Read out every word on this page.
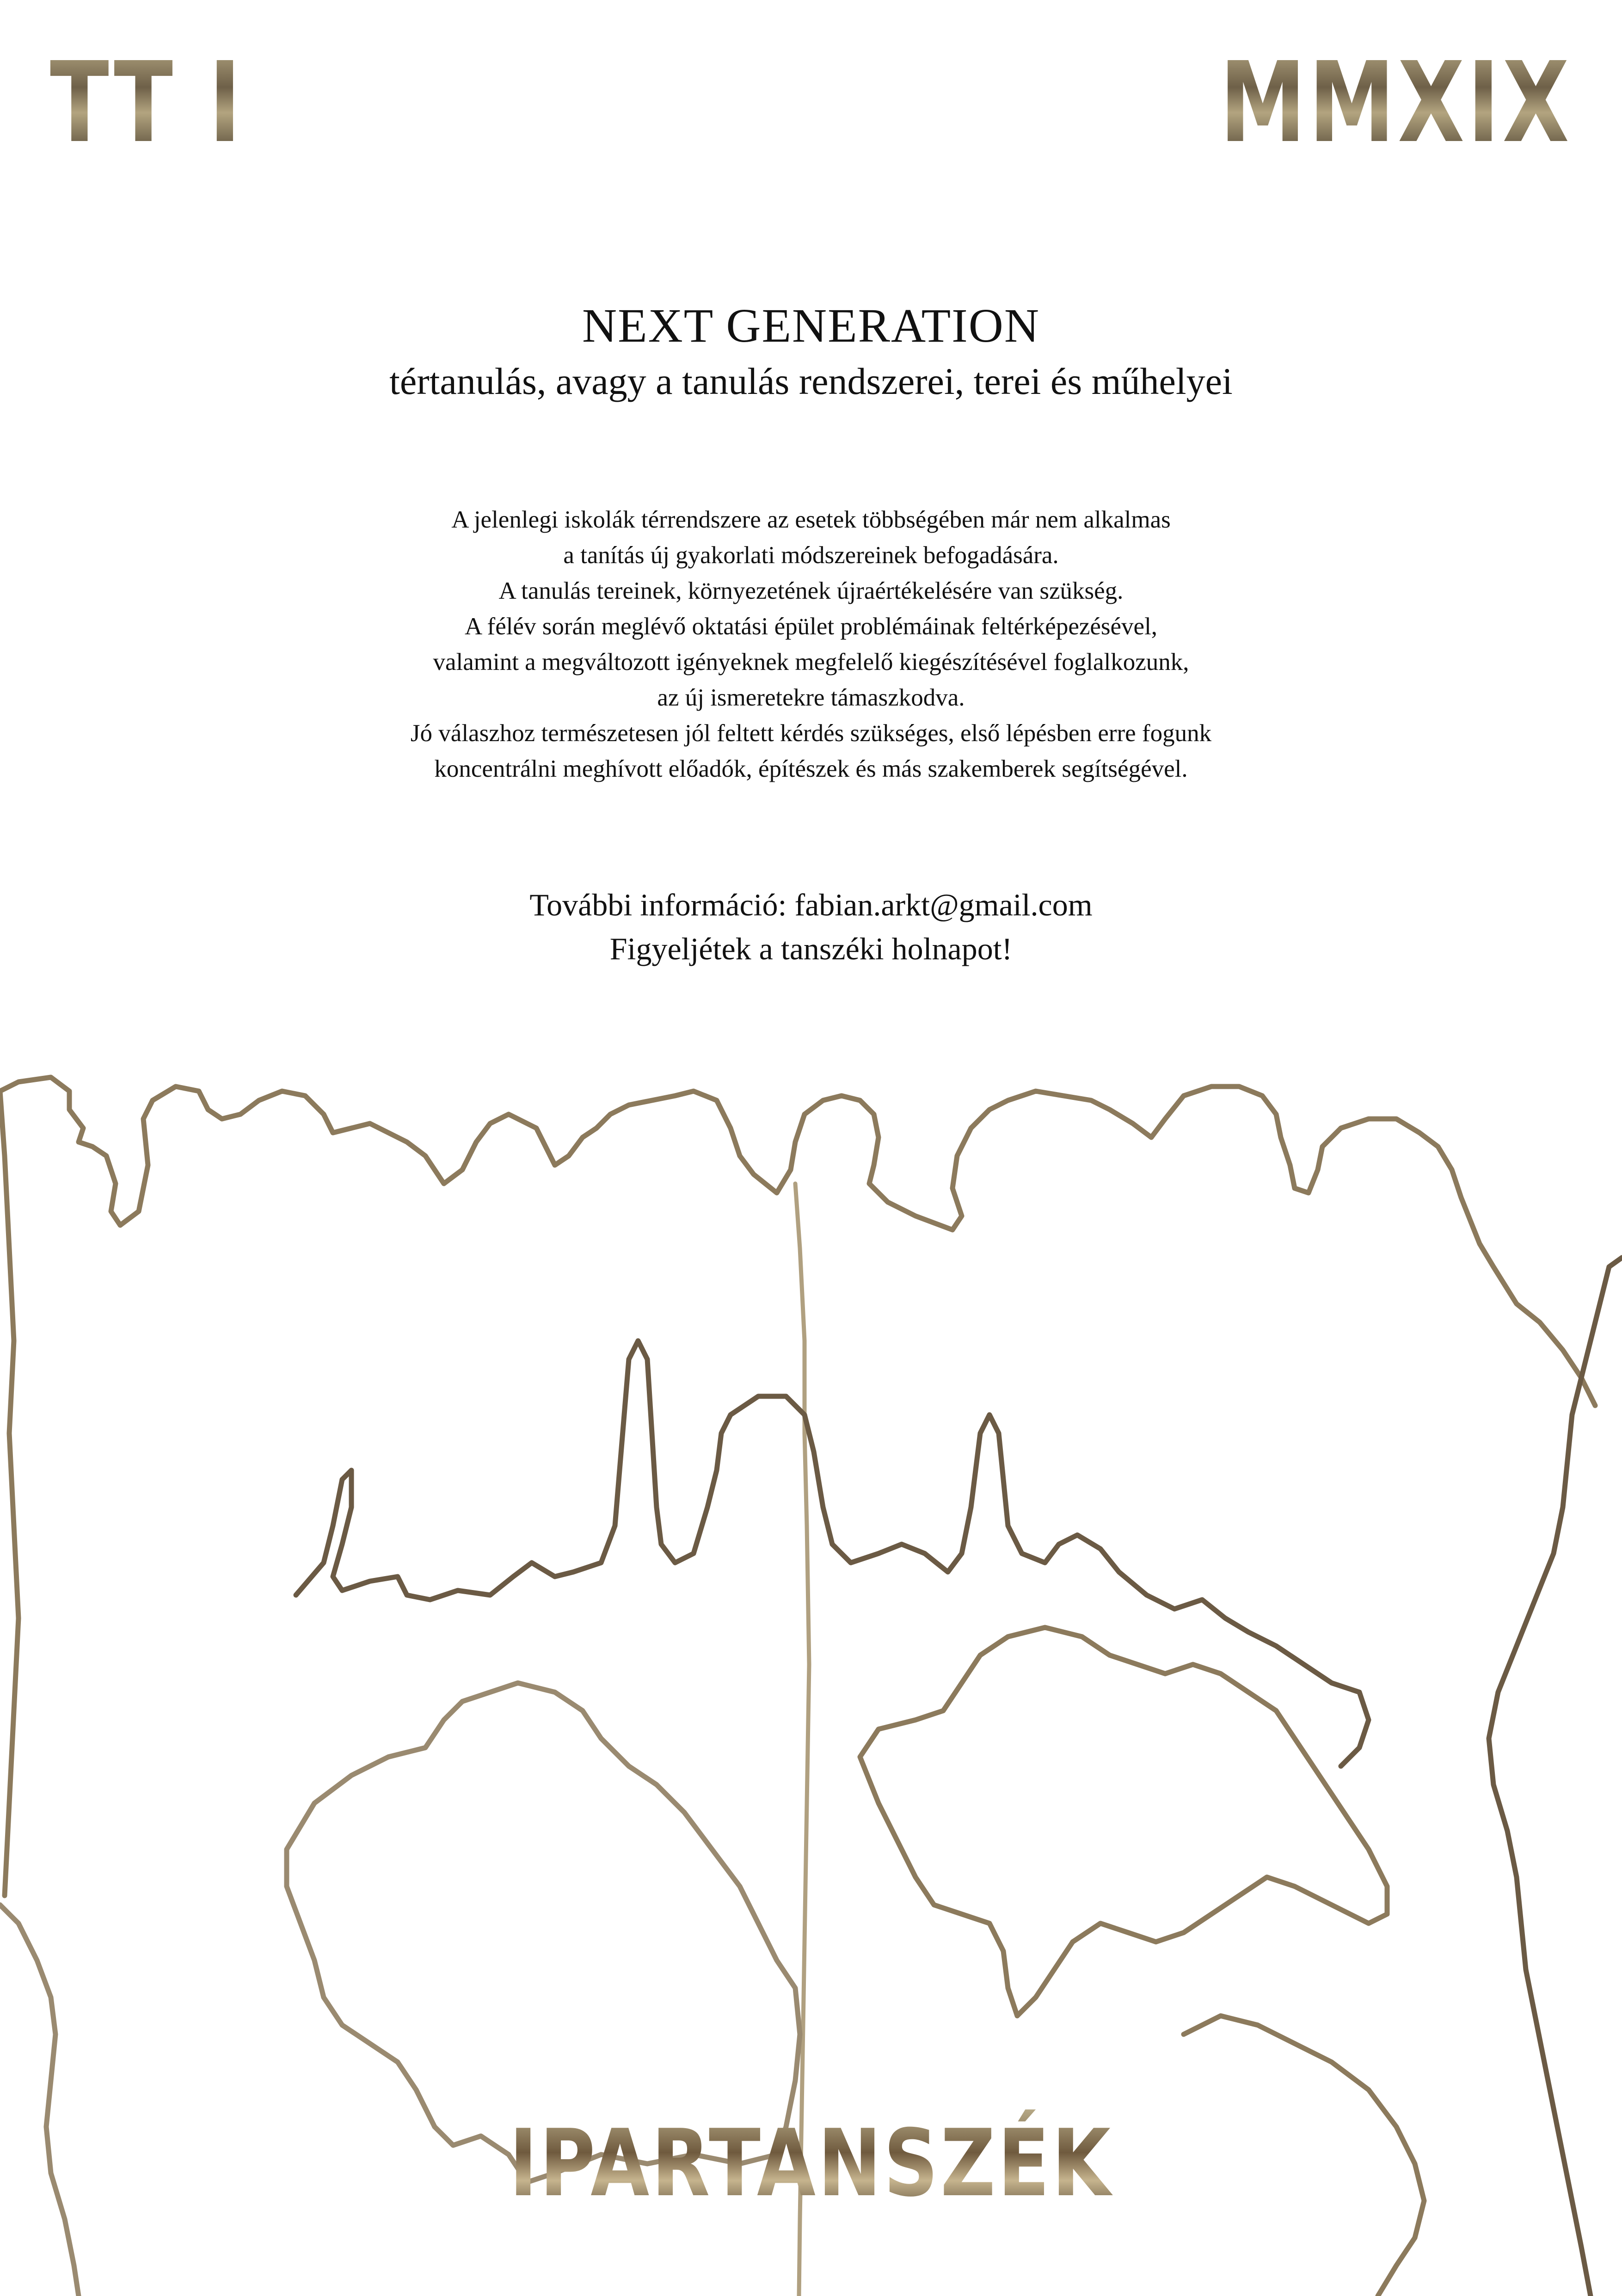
TT I	MMXIX
NEXT GENERATION
tértanulás, avagy a tanulás rendszerei, terei és műhelyei
A jelenlegi iskolák térrendszere az esetek többségében már nem alkalmas
a tanítás új gyakorlati módszereinek befogadására.
A tanulás tereinek, környezetének újraértékelésére van szükség.
A félév során meglévő oktatási épület problémáinak feltérképezésével,
valamint a megváltozott igényeknek megfelelő kiegészítésével foglalkozunk,
az új ismeretekre támaszkodva.
Jó válaszhoz természetesen jól feltett kérdés szükséges, első lépésben erre fogunk
koncentrálni meghívott előadók, építészek és más szakemberek segítségével.
További információ: fabian.arkt@gmail.com
Figyeljétek a tanszéki holnapot!
IPARTANSZÉK
